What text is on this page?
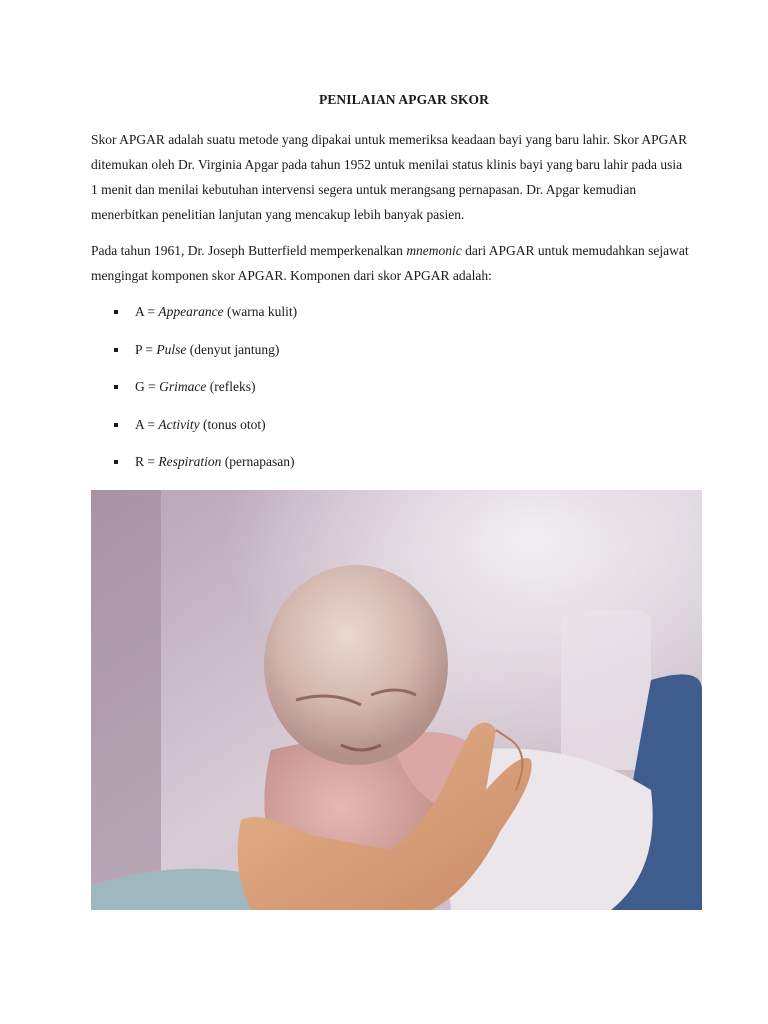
PENILAIAN APGAR SKOR

Skor APGAR adalah suatu metode yang dipakai untuk memeriksa keadaan bayi yang baru lahir. Skor APGAR ditemukan oleh Dr. Virginia Apgar pada tahun 1952 untuk menilai status klinis bayi yang baru lahir pada usia 1 menit dan menilai kebutuhan intervensi segera untuk merangsang pernapasan. Dr. Apgar kemudian menerbitkan penelitian lanjutan yang mencakup lebih banyak pasien.

Pada tahun 1961, Dr. Joseph Butterfield memperkenalkan mnemonic dari APGAR untuk memudahkan sejawat mengingat komponen skor APGAR. Komponen dari skor APGAR adalah:

A = Appearance (warna kulit)
P = Pulse (denyut jantung)
G = Grimace (refleks)
A = Activity (tonus otot)
R = Respiration (pernapasan)
